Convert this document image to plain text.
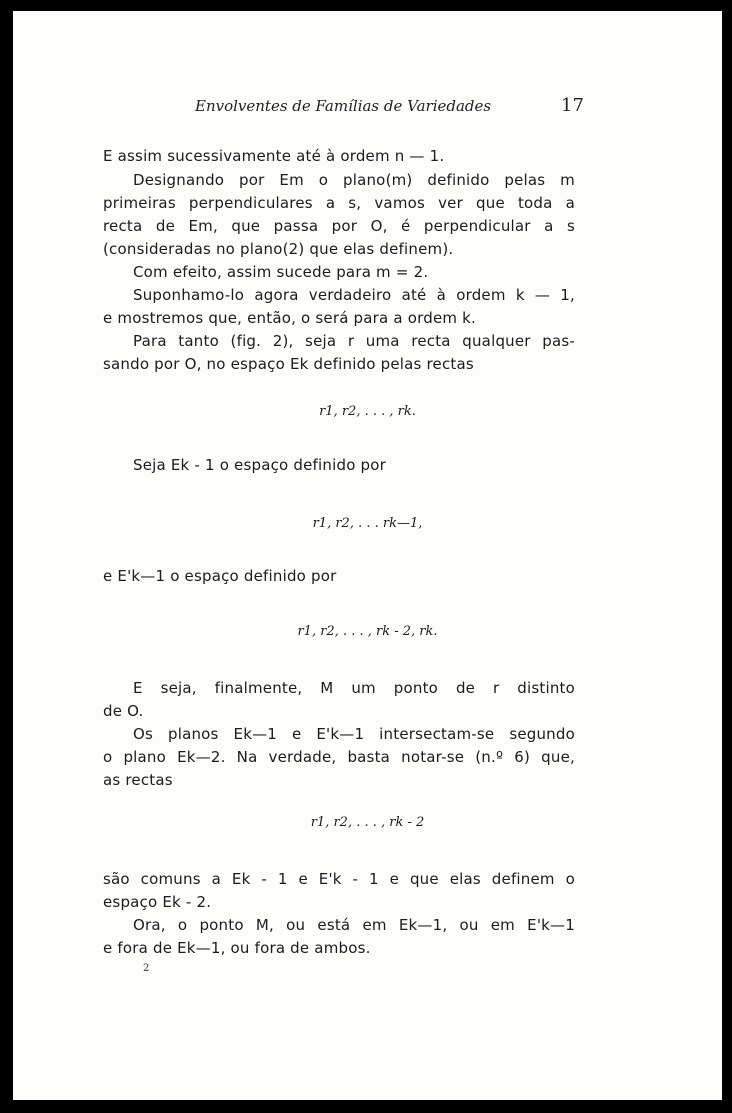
Envolventes de Famílias de Variedades	17
E assim sucessivamente até à ordem n — 1.
Designando por Em o plano(m) definido pelas m
primeiras perpendiculares a s, vamos ver que toda a
recta de Em, que passa por O, é perpendicular a s
(consideradas no plano(2) que elas definem).
Com efeito, assim sucede para m = 2.
Suponhamo-lo agora verdadeiro até à ordem k — 1,
e mostremos que, então, o será para a ordem k.
Para tanto (fig. 2), seja r uma recta qualquer pas-
sando por O, no espaço Ek definido pelas rectas
r1, r2, . . . , rk.
Seja Ek - 1 o espaço definido por
r1, r2, . . . rk—1,
e E'k—1 o espaço definido por
r1, r2, . . . , rk - 2, rk.
E seja, finalmente, M um ponto de r distinto
de O.
Os planos Ek—1 e E'k—1 intersectam-se segundo
o plano Ek—2. Na verdade, basta notar-se (n.º 6) que,
as rectas
r1, r2, . . . , rk - 2
são comuns a Ek - 1 e E'k - 1 e que elas definem o
espaço Ek - 2.
Ora, o ponto M, ou está em Ek—1, ou em E'k—1
e fora de Ek—1, ou fora de ambos.
2
